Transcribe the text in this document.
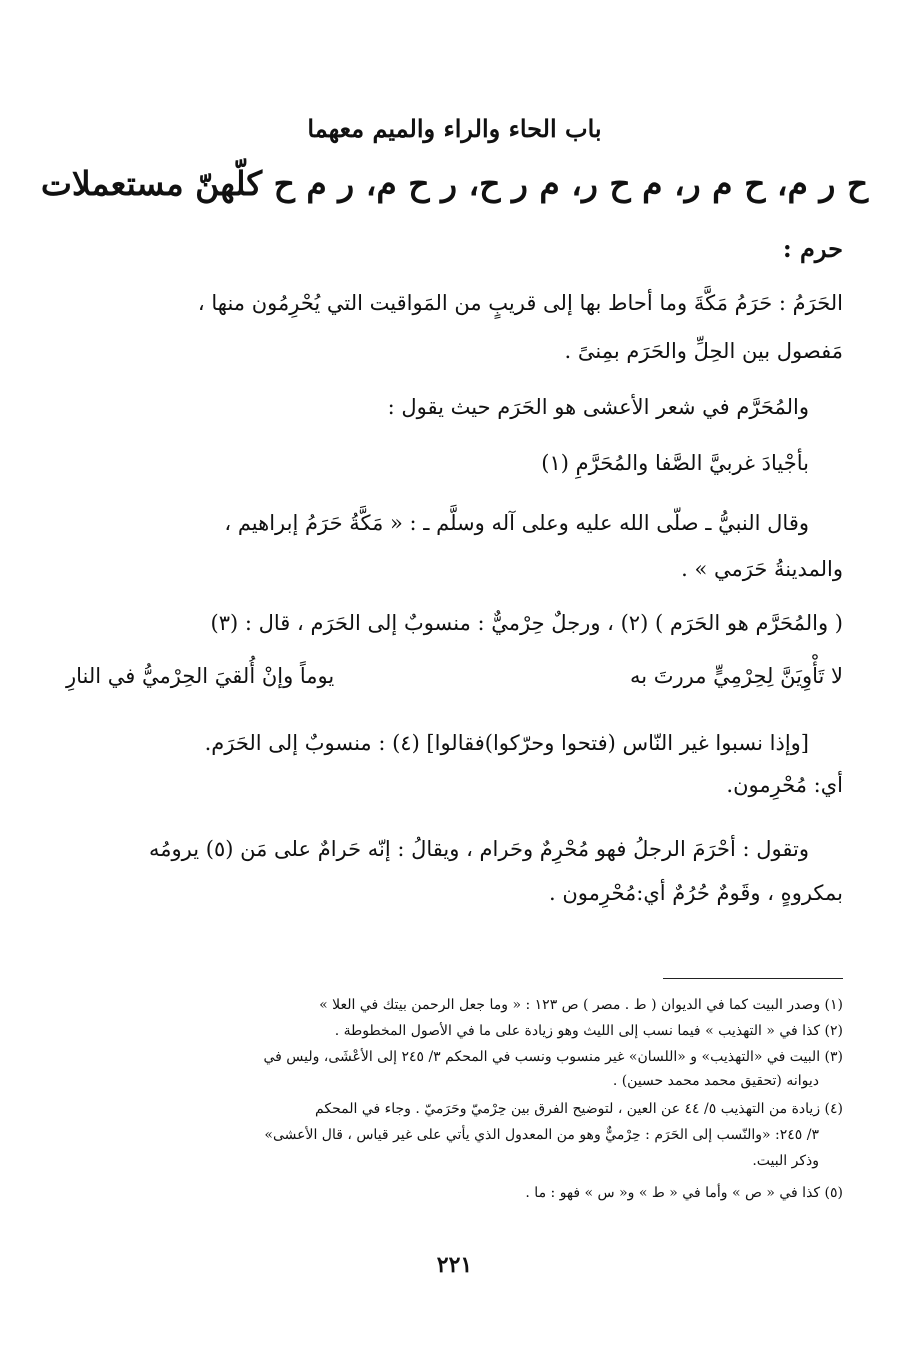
باب الحاء والراء والميم معهما
ح ر م، ح م ر، م ح ر، م ر ح، ر ح م، ر م ح كلّهنّ مستعملات

حرم :

الحَرَمُ : حَرَمُ مَكَّةَ وما أحاط بها إلى قريبٍ من المَواقيت التي يُحْرِمُون منها ،

مَفصول بين الحِلِّ والحَرَم بمِنىً .

والمُحَرَّم في شعر الأعشى هو الحَرَم حيث يقول :

بأجْيادَ غربيَّ الصَّفا والمُحَرَّمِ (١)

وقال النبيُّ ـ صلّى الله عليه وعلى آله وسلَّم ـ : « مَكَّةُ حَرَمُ إبراهيم ،

والمدينةُ حَرَمي » .

( والمُحَرَّم هو الحَرَم ) (٢) ، ورجلٌ حِرْميٌّ : منسوبٌ إلى الحَرَم ، قال : (٣)

لا تَأْوِيَنَّ لِحِرْمِيٍّ مررتَ به
يوماً وإنْ أُلقيَ الحِرْميُّ في النارِ

[وإذا نسبوا غير النّاس (فتحوا وحرّكوا)فقالوا] (٤) : منسوبٌ إلى الحَرَم.

أي: مُحْرِمون.

وتقول : أحْرَمَ الرجلُ فهو مُحْرِمٌ وحَرام ، ويقالُ : إنّه حَرامٌ على مَن (٥) يرومُه

بمكروهٍ ، وقَومٌ حُرُمٌ أي:مُحْرِمون .

(١) وصدر البيت كما في الديوان ( ط . مصر ) ص ١٢٣ : « وما جعل الرحمن بيتك في العلا »

(٢) كذا في « التهذيب » فيما نسب إلى الليث وهو زيادة على ما في الأصول المخطوطة .

(٣) البيت في «التهذيب» و «اللسان» غير منسوب ونسب في المحكم ٣/ ٢٤٥ إلى الأعْشَى، وليس في

ديوانه (تحقيق محمد محمد حسين) .

(٤) زيادة من التهذيب ٥/ ٤٤ عن العين ، لتوضيح الفرق بين حِرْميّ وحَرَميّ . وجاء في المحكم

٣/ ٢٤٥: «والنّسب إلى الحَرَم : حِرْميٌّ وهو من المعدول الذي يأتي على غير قياس ، قال الأعشى»

وذكر البيت.

(٥) كذا في « ص » وأما في « ط » و« س » فهو : ما .

٢٢١
